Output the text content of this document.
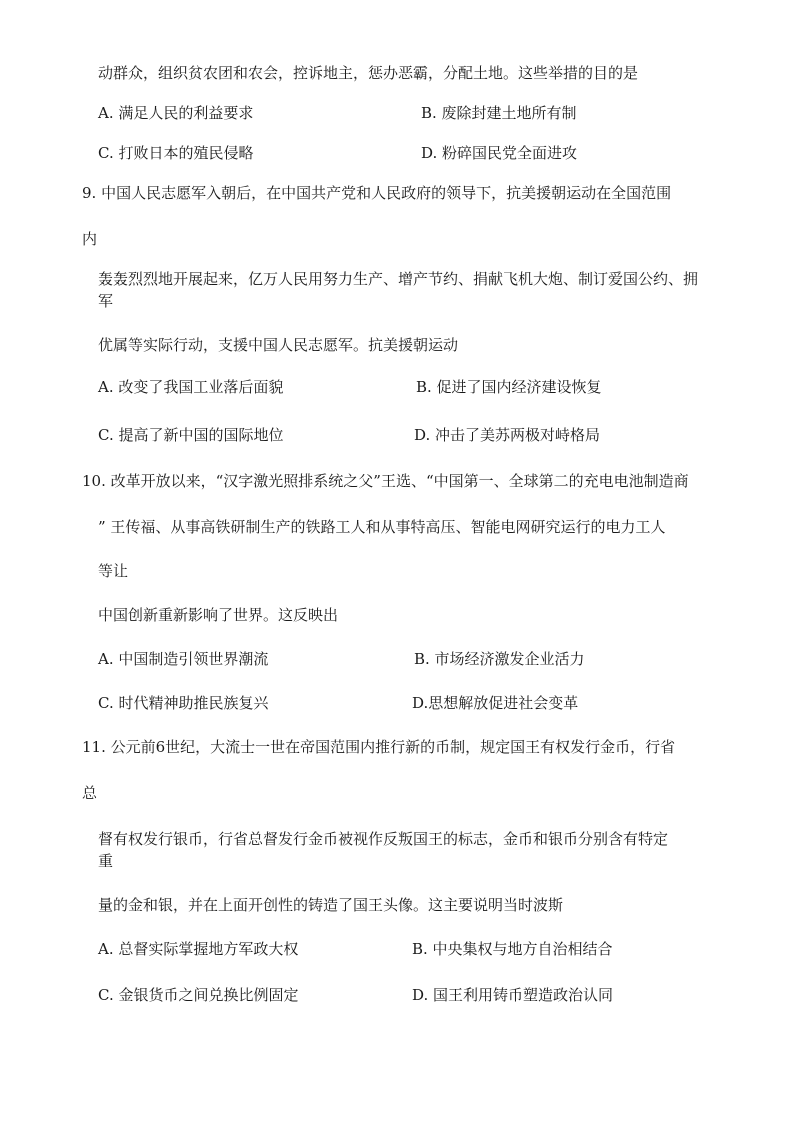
动群众，组织贫农团和农会，控诉地主，惩办恶霸，分配土地。这些举措的目的是
A. 满足人民的利益要求	B. 废除封建土地所有制
C. 打败日本的殖民侵略	D. 粉碎国民党全面进攻
9. 中国人民志愿军入朝后，在中国共产党和人民政府的领导下，抗美援朝运动在全国范围
内
轰轰烈烈地开展起来，亿万人民用努力生产、增产节约、捐献飞机大炮、制订爱国公约、拥
军
优属等实际行动，支援中国人民志愿军。抗美援朝运动
A. 改变了我国工业落后面貌	B. 促进了国内经济建设恢复
C. 提高了新中国的国际地位	D. 冲击了美苏两极对峙格局
10. 改革开放以来，“汉字激光照排系统之父”王选、“中国第一、全球第二的充电电池制造商
” 王传福、从事高铁研制生产的铁路工人和从事特高压、智能电网研究运行的电力工人
等让
中国创新重新影响了世界。这反映出
A. 中国制造引领世界潮流	B. 市场经济激发企业活力
C. 时代精神助推民族复兴	D.思想解放促进社会变革
11. 公元前6世纪，大流士一世在帝国范围内推行新的币制，规定国王有权发行金币，行省
总
督有权发行银币，行省总督发行金币被视作反叛国王的标志，金币和银币分别含有特定
重
量的金和银，并在上面开创性的铸造了国王头像。这主要说明当时波斯
A. 总督实际掌握地方军政大权	B. 中央集权与地方自治相结合
C. 金银货币之间兑换比例固定	D. 国王利用铸币塑造政治认同
